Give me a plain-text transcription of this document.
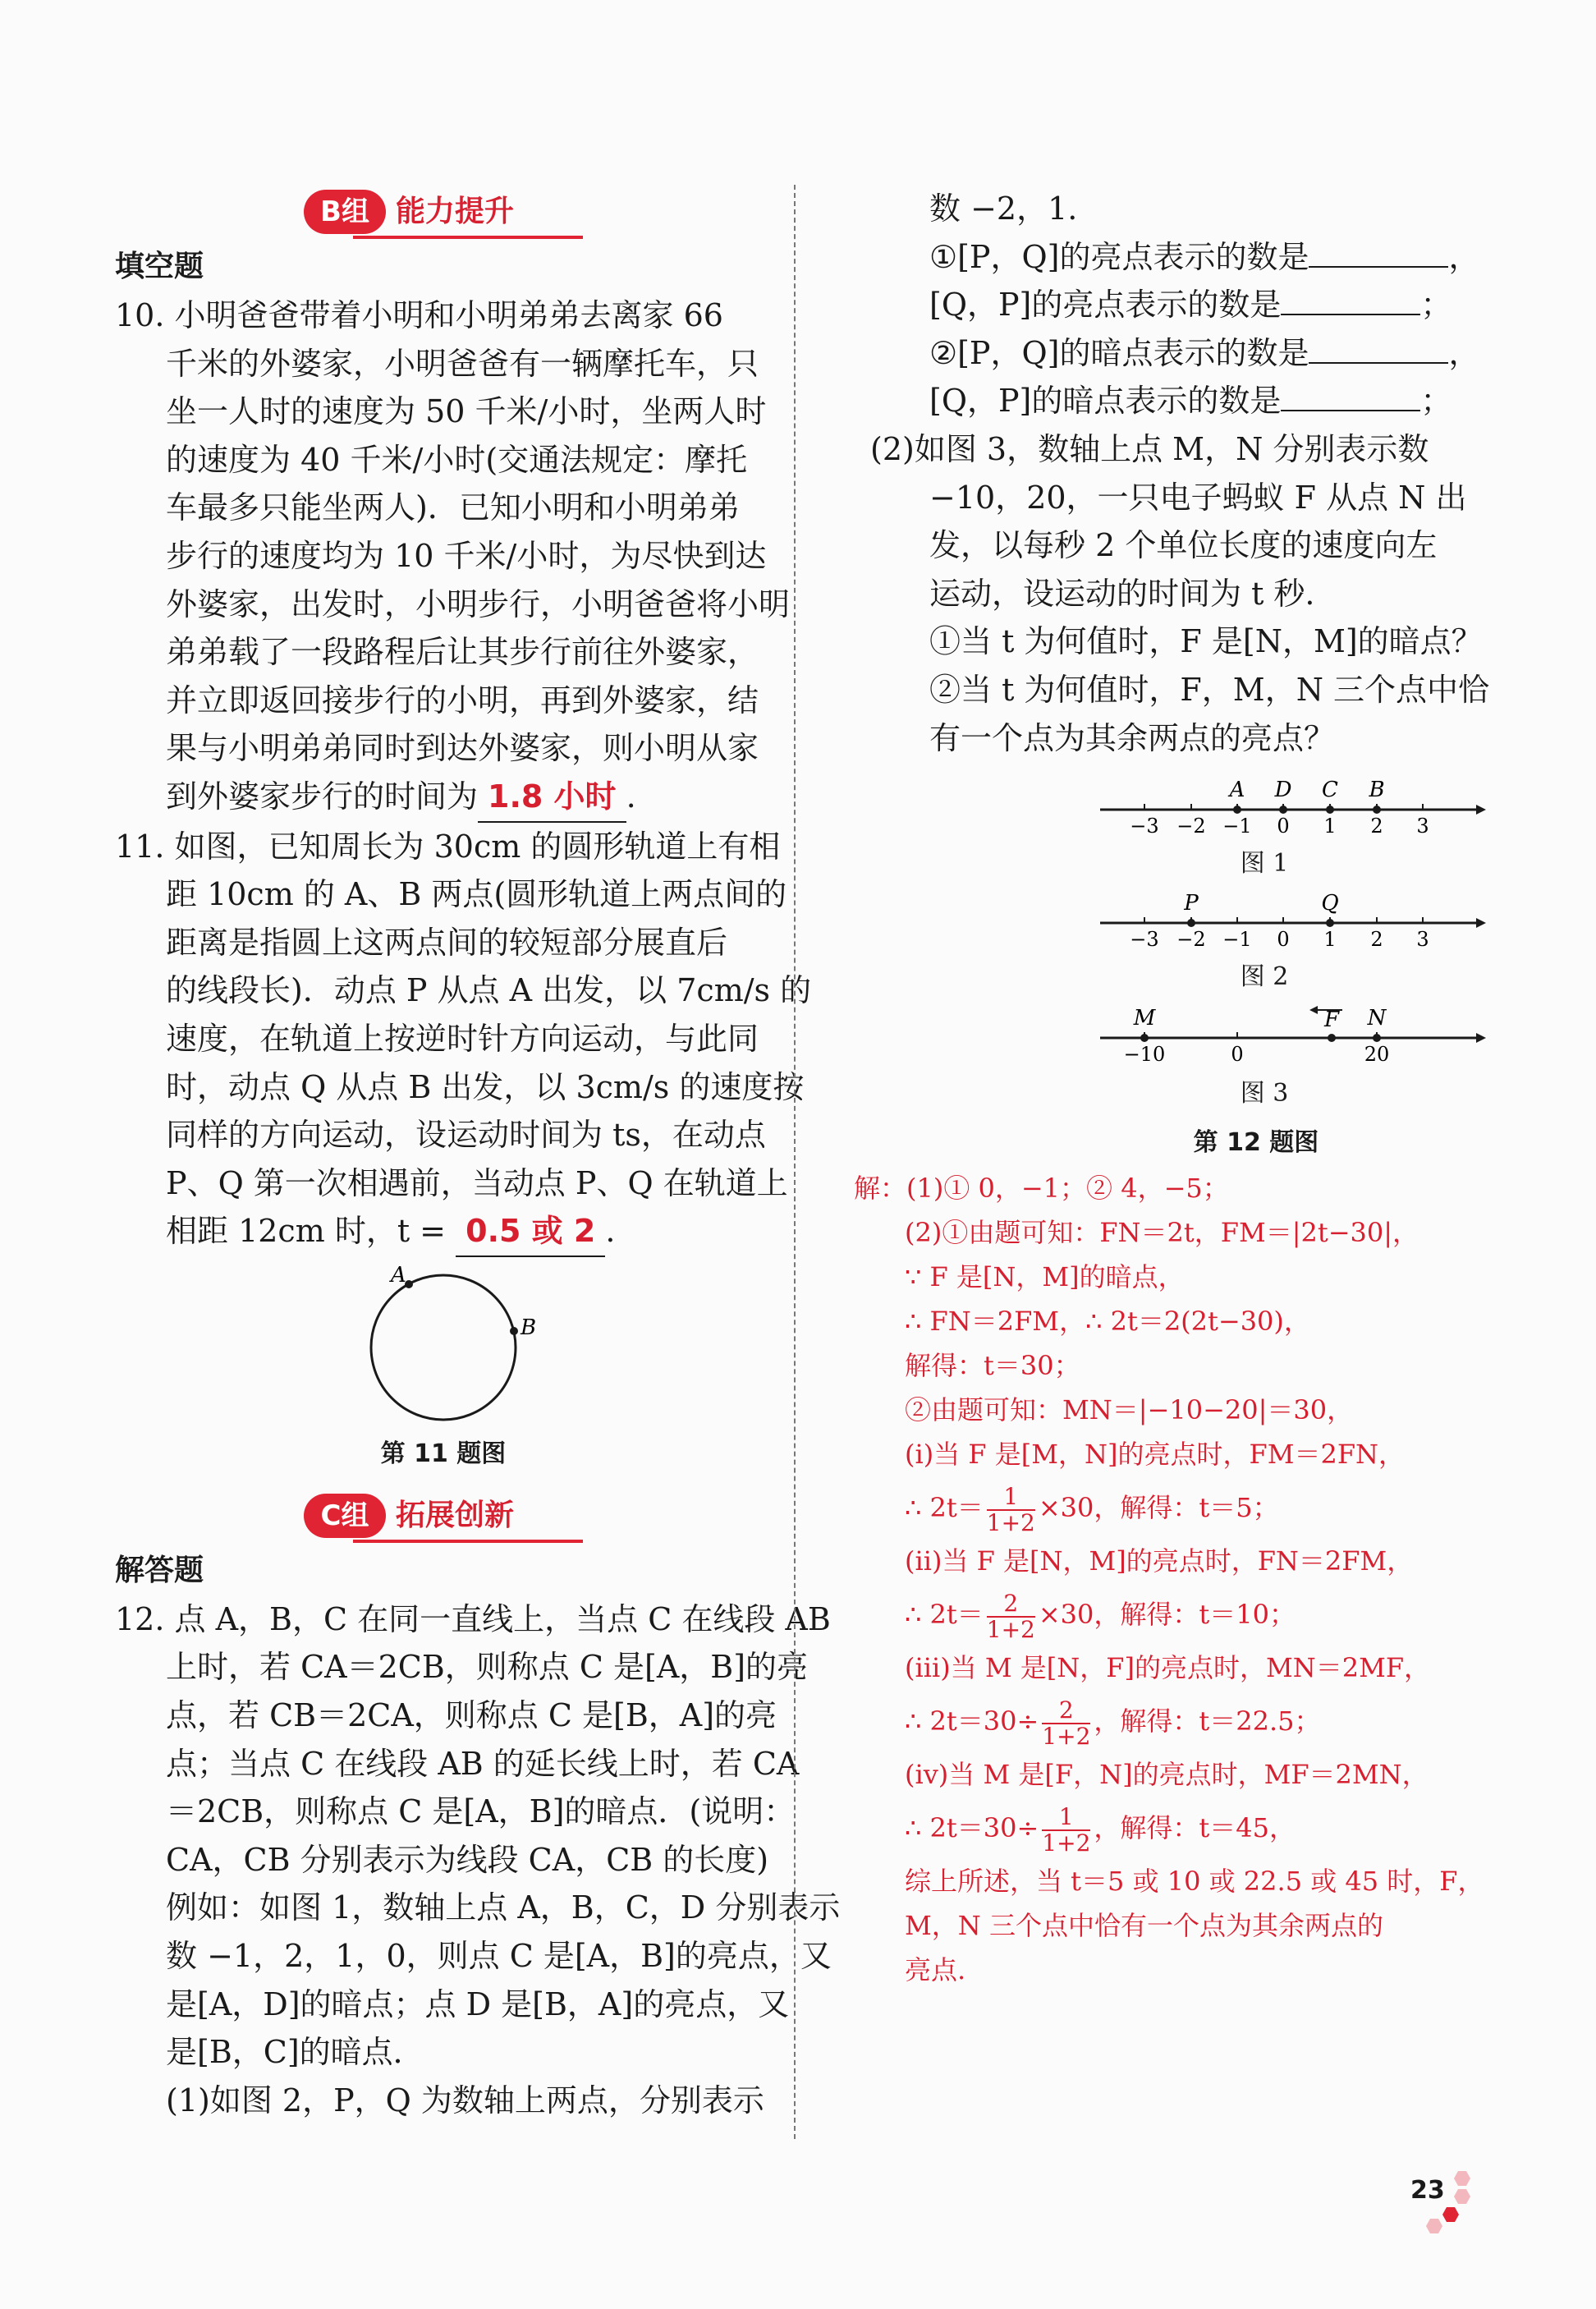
B组 能力提升
填空题
10. 小明爸爸带着小明和小明弟弟去离家 66
千米的外婆家，小明爸爸有一辆摩托车，只
坐一人时的速度为 50 千米/小时，坐两人时
的速度为 40 千米/小时(交通法规定：摩托
车最多只能坐两人)．已知小明和小明弟弟
步行的速度均为 10 千米/小时，为尽快到达
外婆家，出发时，小明步行，小明爸爸将小明
弟弟载了一段路程后让其步行前往外婆家，
并立即返回接步行的小明，再到外婆家，结
果与小明弟弟同时到达外婆家，则小明从家
到外婆家步行的时间为 1.8 小时 .
11. 如图，已知周长为 30cm 的圆形轨道上有相
距 10cm 的 A、B 两点(圆形轨道上两点间的
距离是指圆上这两点间的较短部分展直后
的线段长)．动点 P 从点 A 出发，以 7cm/s 的
速度，在轨道上按逆时针方向运动，与此同
时，动点 Q 从点 B 出发，以 3cm/s 的速度按
同样的方向运动，设运动时间为 ts，在动点
P、Q 第一次相遇前，当动点 P、Q 在轨道上
相距 12cm 时，t = 0.5 或 2 .
A
B
第 11 题图
C组 拓展创新
解答题
12. 点 A，B，C 在同一直线上，当点 C 在线段 AB
上时，若 CA＝2CB，则称点 C 是[A，B]的亮
点，若 CB＝2CA，则称点 C 是[B，A]的亮
点；当点 C 在线段 AB 的延长线上时，若 CA
＝2CB，则称点 C 是[A，B]的暗点．(说明：
CA，CB 分别表示为线段 CA，CB 的长度)
例如：如图 1，数轴上点 A，B，C，D 分别表示
数 −1，2，1，0，则点 C 是[A，B]的亮点，又
是[A，D]的暗点；点 D 是[B，A]的亮点，又
是[B，C]的暗点．
(1)如图 2，P，Q 为数轴上两点，分别表示
数 −2，1.
①[P，Q]的亮点表示的数是	，
[Q，P]的亮点表示的数是	；
②[P，Q]的暗点表示的数是	，
[Q，P]的暗点表示的数是	；
(2)如图 3，数轴上点 M，N 分别表示数
−10，20，一只电子蚂蚁 F 从点 N 出
发，以每秒 2 个单位长度的速度向左
运动，设运动的时间为 t 秒.
①当 t 为何值时，F 是[N，M]的暗点？
②当 t 为何值时，F，M，N 三个点中恰
有一个点为其余两点的亮点？
−3 −2 −1 0 1 2 3
A D C B
图 1
−3 −2 −1 0 1 2 3
P	Q
图 2
−10	0	20
M	F N
图 3
第 12 题图
解：(1)① 0，−1；② 4，−5；
(2)①由题可知：FN＝2t，FM＝|2t−30|，
∵ F 是[N，M]的暗点，
∴ FN＝2FM，∴ 2t＝2(2t−30)，
解得：t＝30；
②由题可知：MN＝|−10−20|＝30，
(i)当 F 是[M，N]的亮点时，FM＝2FN，
∴ $2t= \frac{1}{1+2} \times 30$，解得：t＝5；
(ii)当 F 是[N，M]的亮点时，FN＝2FM，
∴ $2t= \frac{2}{1+2} \times 30$，解得：t＝10；
(iii)当 M 是[N，F]的亮点时，MN＝2MF，
∴ $2t=30\div \frac{2}{1+2}$ ，解得：t＝22.5；
(iv)当 M 是[F，N]的亮点时，MF＝2MN，
∴ $2t=30\div \frac{1}{1+2}$ ，解得：t＝45，
综上所述，当 t＝5 或 10 或 22.5 或 45 时，F，
M，N 三个点中恰有一个点为其余两点的
亮点.
23
